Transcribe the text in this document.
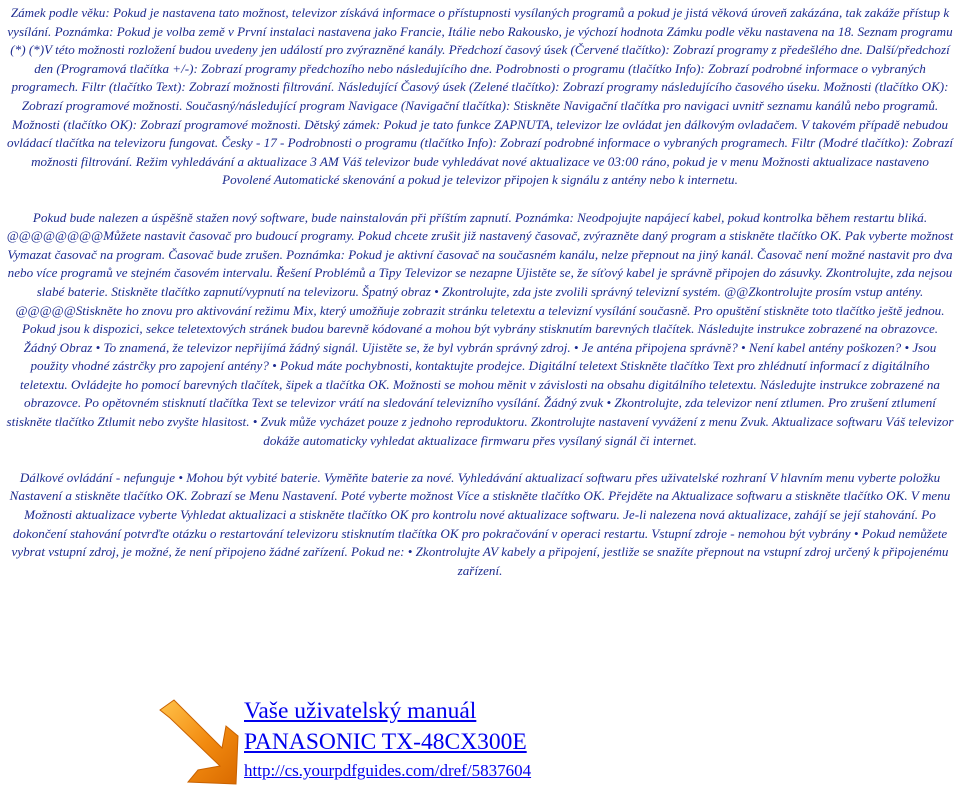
Zámek podle věku: Pokud je nastavena tato možnost, televizor získává informace o přístupnosti vysílaných programů a pokud je jistá věková úroveň zakázána, tak zakáže přístup k vysílání. Poznámka: Pokud je volba země v První instalaci nastavena jako Francie, Itálie nebo Rakousko, je výchozí hodnota Zámku podle věku nastavena na 18. Seznam programu (*) (*)V této možnosti rozložení budou uvedeny jen událostí pro zvýrazněné kanály. Předchozí časový úsek (Červené tlačítko): Zobrazí programy z předešlého dne. Další/předchozí den (Programová tlačítka +/-): Zobrazí programy předchozího nebo následujícího dne. Podrobnosti o programu (tlačítko Info): Zobrazí podrobné informace o vybraných programech. Filtr (tlačítko Text): Zobrazí možnosti filtrování. Následující Časový úsek (Zelené tlačítko): Zobrazí programy následujícího časového úseku. Možnosti (tlačítko OK): Zobrazí programové možnosti. Současný/následující program Navigace (Navigační tlačítka): Stiskněte Navigační tlačítka pro navigaci uvnitř seznamu kanálů nebo programů. Možnosti (tlačítko OK): Zobrazí programové možnosti. Dětský zámek: Pokud je tato funkce ZAPNUTA, televizor lze ovládat jen dálkovým ovladačem. V takovém případě nebudou ovládací tlačítka na televizoru fungovat. Česky - 17 - Podrobnosti o programu (tlačítko Info): Zobrazí podrobné informace o vybraných programech. Filtr (Modré tlačítko): Zobrazí možnosti filtrování. Režim vyhledávání a aktualizace 3 AM Váš televizor bude vyhledávat nové aktualizace ve 03:00 ráno, pokud je v menu Možnosti aktualizace nastaveno Povolené Automatické skenování a pokud je televizor připojen k signálu z antény nebo k internetu.

Pokud bude nalezen a úspěšně stažen nový software, bude nainstalován při příštím zapnutí. Poznámka: Neodpojujte napájecí kabel, pokud kontrolka během restartu bliká. @@@@@@@@Můžete nastavit časovač pro budoucí programy. Pokud chcete zrušit již nastavený časovač, zvýrazněte daný program a stiskněte tlačítko OK. Pak vyberte možnost Vymazat časovač na program. Časovač bude zrušen. Poznámka: Pokud je aktivní časovač na současném kanálu, nelze přepnout na jiný kanál. Časovač není možné nastavit pro dva nebo více programů ve stejném časovém intervalu. Řešení Problémů a Tipy Televizor se nezapne Ujistěte se, že síťový kabel je správně připojen do zásuvky. Zkontrolujte, zda nejsou slabé baterie. Stiskněte tlačítko zapnutí/vypnutí na televizoru. Špatný obraz • Zkontrolujte, zda jste zvolili správný televizní systém. @@Zkontrolujte prosím vstup antény. @@@@@Stiskněte ho znovu pro aktivování režimu Mix, který umožňuje zobrazit stránku teletextu a televizní vysílání současně. Pro opuštění stiskněte toto tlačítko ještě jednou. Pokud jsou k dispozici, sekce teletextových stránek budou barevně kódované a mohou být vybrány stisknutím barevných tlačítek. Následujte instrukce zobrazené na obrazovce. Žádný Obraz • To znamená, že televizor nepřijímá žádný signál. Ujistěte se, že byl vybrán správný zdroj. • Je anténa připojena správně? • Není kabel antény poškozen? • Jsou použity vhodné zástrčky pro zapojení antény? • Pokud máte pochybnosti, kontaktujte prodejce. Digitální teletext Stiskněte tlačítko Text pro zhlédnutí informací z digitálního teletextu. Ovládejte ho pomocí barevných tlačítek, šipek a tlačítka OK. Možnosti se mohou měnit v závislosti na obsahu digitálního teletextu. Následujte instrukce zobrazené na obrazovce. Po opětovném stisknutí tlačítka Text se televizor vrátí na sledování televizního vysílání. Žádný zvuk • Zkontrolujte, zda televizor není ztlumen. Pro zrušení ztlumení stiskněte tlačítko Ztlumit nebo zvyšte hlasitost. • Zvuk může vycházet pouze z jednoho reproduktoru. Zkontrolujte nastavení vyvážení z menu Zvuk. Aktualizace softwaru Váš televizor dokáže automaticky vyhledat aktualizace firmwaru přes vysílaný signál či internet.

Dálkové ovládání - nefunguje • Mohou být vybité baterie. Vyměňte baterie za nové. Vyhledávání aktualizací softwaru přes uživatelské rozhraní V hlavním menu vyberte položku Nastavení a stiskněte tlačítko OK. Zobrazí se Menu Nastavení. Poté vyberte možnost Více a stiskněte tlačítko OK. Přejděte na Aktualizace softwaru a stiskněte tlačítko OK. V menu Možnosti aktualizace vyberte Vyhledat aktualizaci a stiskněte tlačítko OK pro kontrolu nové aktualizace softwaru. Je-li nalezena nová aktualizace, zahájí se její stahování. Po dokončení stahování potvrďte otázku o restartování televizoru stisknutím tlačítka OK pro pokračování v operaci restartu. Vstupní zdroje - nemohou být vybrány • Pokud nemůžete vybrat vstupní zdroj, je možné, že není připojeno žádné zařízení. Pokud ne: • Zkontrolujte AV kabely a připojení, jestliže se snažíte přepnout na vstupní zdroj určený k připojenému zařízení.

Vaše uživatelský manuál
PANASONIC TX-48CX300E
http://cs.yourpdfguides.com/dref/5837604
